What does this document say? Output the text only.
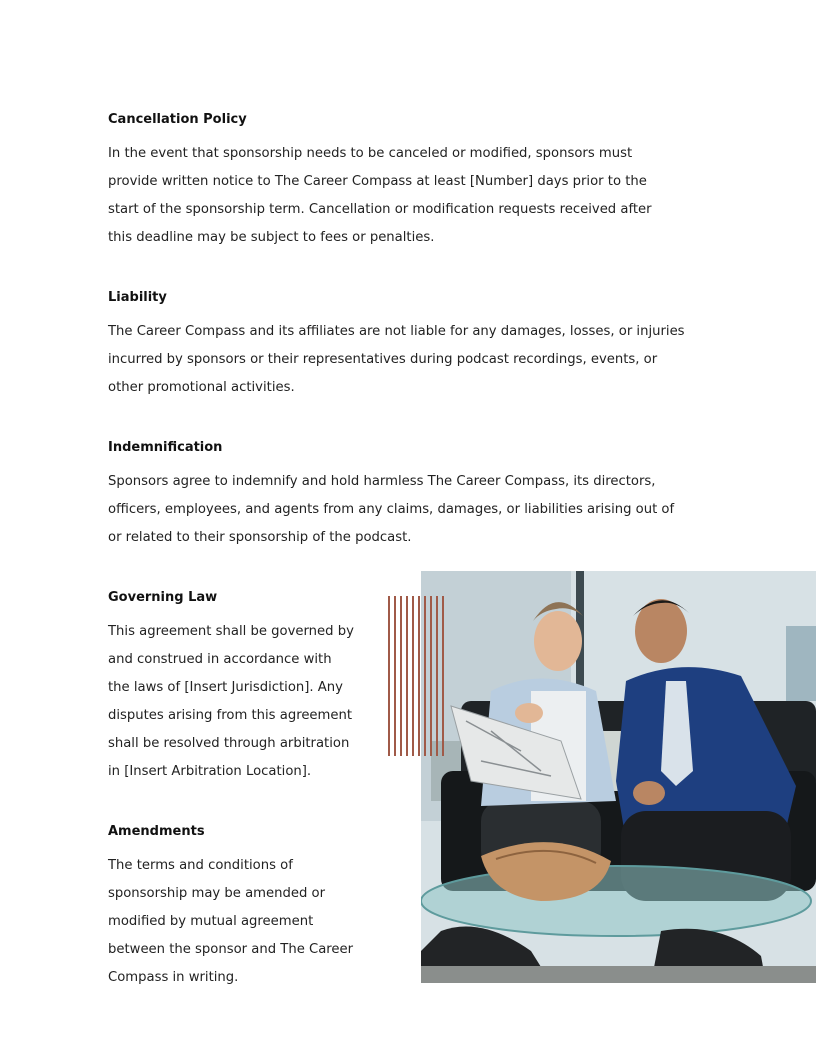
Cancellation Policy

In the event that sponsorship needs to be canceled or modified, sponsors must
provide written notice to The Career Compass at least [Number] days prior to the
start of the sponsorship term. Cancellation or modification requests received after
this deadline may be subject to fees or penalties.

Liability

The Career Compass and its affiliates are not liable for any damages, losses, or injuries
incurred by sponsors or their representatives during podcast recordings, events, or
other promotional activities.

Indemnification

Sponsors agree to indemnify and hold harmless The Career Compass, its directors,
officers, employees, and agents from any claims, damages, or liabilities arising out of
or related to their sponsorship of the podcast.

Governing Law

This agreement shall be governed by
and construed in accordance with
the laws of [Insert Jurisdiction]. Any
disputes arising from this agreement
shall be resolved through arbitration
in [Insert Arbitration Location].

Amendments

The terms and conditions of
sponsorship may be amended or
modified by mutual agreement
between the sponsor and The Career
Compass in writing.
